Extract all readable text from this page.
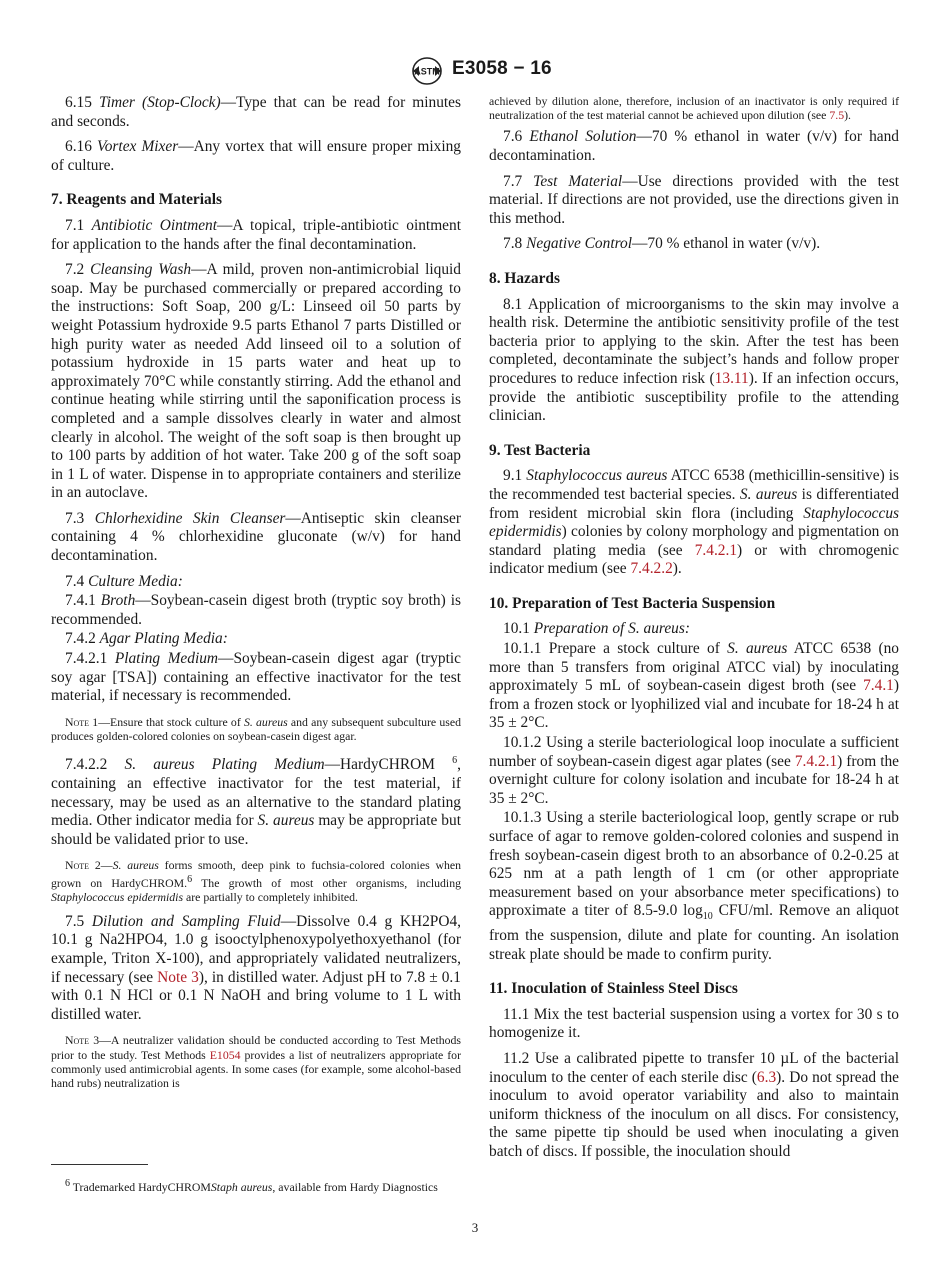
ASTM E3058 − 16

6.15 Timer (Stop-Clock)—Type that can be read for minutes and seconds.

6.16 Vortex Mixer—Any vortex that will ensure proper mixing of culture.

7. Reagents and Materials

7.1 Antibiotic Ointment—A topical, triple-antibiotic ointment for application to the hands after the final decontamination.

7.2 Cleansing Wash—A mild, proven non-antimicrobial liquid soap. May be purchased commercially or prepared according to the instructions: Soft Soap, 200 g/L: Linseed oil 50 parts by weight Potassium hydroxide 9.5 parts Ethanol 7 parts Distilled or high purity water as needed Add linseed oil to a solution of potassium hydroxide in 15 parts water and heat up to approximately 70°C while constantly stirring. Add the ethanol and continue heating while stirring until the saponification process is completed and a sample dissolves clearly in water and almost clearly in alcohol. The weight of the soft soap is then brought up to 100 parts by addition of hot water. Take 200 g of the soft soap in 1 L of water. Dispense in to appropriate containers and sterilize in an autoclave.

7.3 Chlorhexidine Skin Cleanser—Antiseptic skin cleanser containing 4 % chlorhexidine gluconate (w/v) for hand decontamination.

7.4 Culture Media:

7.4.1 Broth—Soybean-casein digest broth (tryptic soy broth) is recommended.

7.4.2 Agar Plating Media:

7.4.2.1 Plating Medium—Soybean-casein digest agar (tryptic soy agar [TSA]) containing an effective inactivator for the test material, if necessary is recommended.

Note 1—Ensure that stock culture of S. aureus and any subsequent subculture used produces golden-colored colonies on soybean-casein digest agar.

7.4.2.2 S. aureus Plating Medium—HardyCHROM $^6$, containing an effective inactivator for the test material, if necessary, may be used as an alternative to the standard plating media. Other indicator media for S. aureus may be appropriate but should be validated prior to use.

Note 2—S. aureus forms smooth, deep pink to fuchsia-colored colonies when grown on HardyCHROM.$^6$ The growth of most other organisms, including Staphylococcus epidermidis are partially to completely inhibited.

7.5 Dilution and Sampling Fluid—Dissolve 0.4 g KH2PO4, 10.1 g Na2HPO4, 1.0 g isooctylphenoxypolyethoxyethanol (for example, Triton X-100), and appropriately validated neutralizers, if necessary (see Note 3), in distilled water. Adjust pH to 7.8 ± 0.1 with 0.1 N HCl or 0.1 N NaOH and bring volume to 1 L with distilled water.

Note 3—A neutralizer validation should be conducted according to Test Methods prior to the study. Test Methods E1054 provides a list of neutralizers appropriate for commonly used antimicrobial agents. In some cases (for example, some alcohol-based hand rubs) neutralization is
$^6$ Trademarked HardyCHROMStaph aureus, available from Hardy Diagnostics
achieved by dilution alone, therefore, inclusion of an inactivator is only required if neutralization of the test material cannot be achieved upon dilution (see 7.5).

7.6 Ethanol Solution—70 % ethanol in water (v/v) for hand decontamination.

7.7 Test Material—Use directions provided with the test material. If directions are not provided, use the directions given in this method.

7.8 Negative Control—70 % ethanol in water (v/v).

8. Hazards

8.1 Application of microorganisms to the skin may involve a health risk. Determine the antibiotic sensitivity profile of the test bacteria prior to applying to the skin. After the test has been completed, decontaminate the subject’s hands and follow proper procedures to reduce infection risk (13.11). If an infection occurs, provide the antibiotic susceptibility profile to the attending clinician.

9. Test Bacteria

9.1 Staphylococcus aureus ATCC 6538 (methicillin-sensitive) is the recommended test bacterial species. S. aureus is differentiated from resident microbial skin flora (including Staphylococcus epidermidis) colonies by colony morphology and pigmentation on standard plating media (see 7.4.2.1) or with chromogenic indicator medium (see 7.4.2.2).

10. Preparation of Test Bacteria Suspension

10.1 Preparation of S. aureus:

10.1.1 Prepare a stock culture of S. aureus ATCC 6538 (no more than 5 transfers from original ATCC vial) by inoculating approximately 5 mL of soybean-casein digest broth (see 7.4.1) from a frozen stock or lyophilized vial and incubate for 18-24 h at 35 ± 2°C.

10.1.2 Using a sterile bacteriological loop inoculate a sufficient number of soybean-casein digest agar plates (see 7.4.2.1) from the overnight culture for colony isolation and incubate for 18-24 h at 35 ± 2°C.

10.1.3 Using a sterile bacteriological loop, gently scrape or rub surface of agar to remove golden-colored colonies and suspend in fresh soybean-casein digest broth to an absorbance of 0.2-0.25 at 625 nm at a path length of 1 cm (or other appropriate measurement based on your absorbance meter specifications) to approximate a titer of 8.5-9.0 $\log_{10} CFU/ml$. Remove an aliquot from the suspension, dilute and plate for counting. An isolation streak plate should be made to confirm purity.

11. Inoculation of Stainless Steel Discs

11.1 Mix the test bacterial suspension using a vortex for 30 s to homogenize it.

11.2 Use a calibrated pipette to transfer 10 µL of the bacterial inoculum to the center of each sterile disc (6.3). Do not spread the inoculum to avoid operator variability and also to maintain uniform thickness of the inoculum on all discs. For consistency, the same pipette tip should be used when inoculating a given batch of discs. If possible, the inoculation should

3
